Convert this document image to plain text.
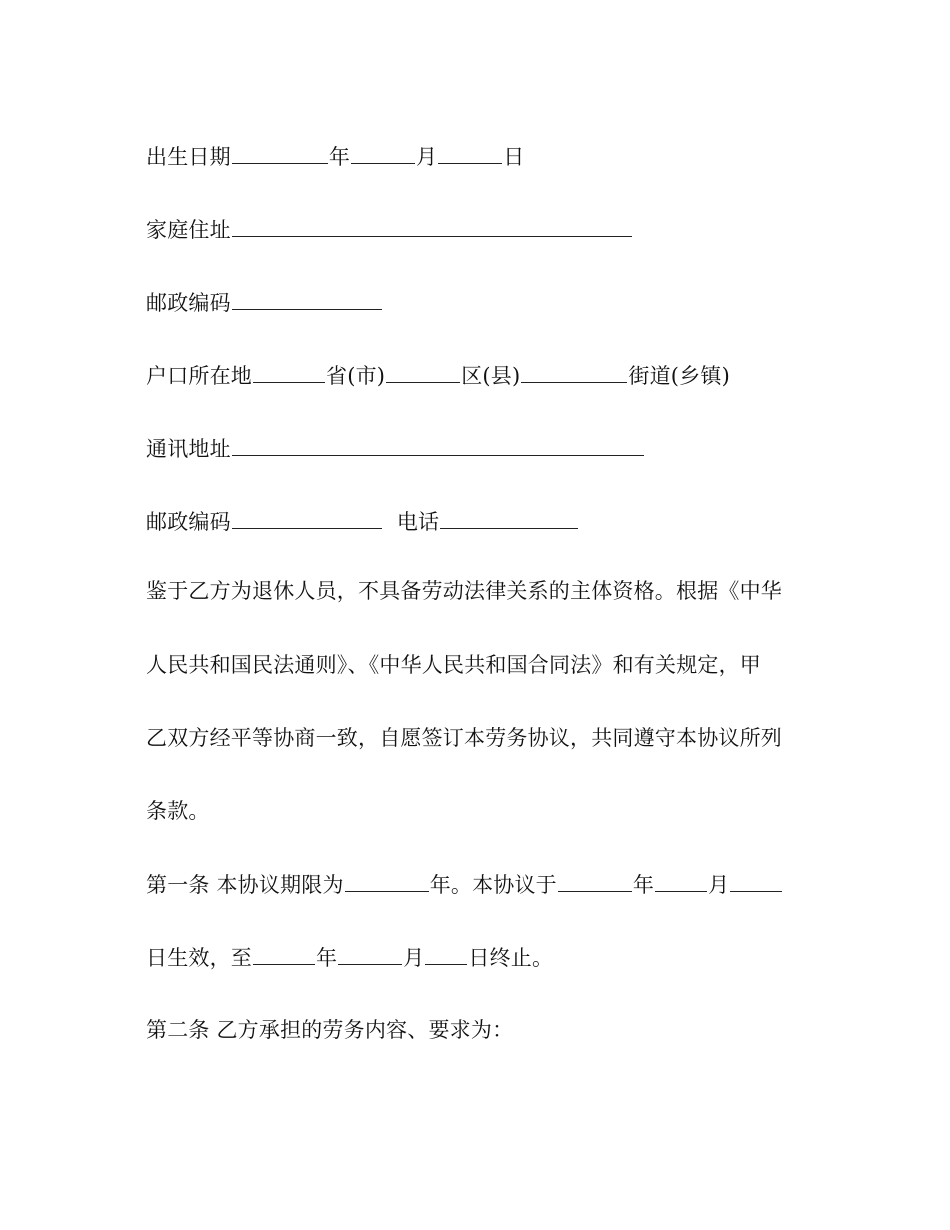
出生日期	年	月	日
家庭住址
邮政编码
户口所在地	省(市)	区(县)	街道(乡镇)
通讯地址
邮政编码	电话
鉴于乙方为退休人员，不具备劳动法律关系的主体资格。根据《中华
人民共和国民法通则》、《中华人民共和国合同法》和有关规定，甲
乙双方经平等协商一致，自愿签订本劳务协议，共同遵守本协议所列
条款。
第一条 本协议期限为	年。本协议于	年	月
日生效，至	年	月 日终止。
第二条 乙方承担的劳务内容、要求为：
